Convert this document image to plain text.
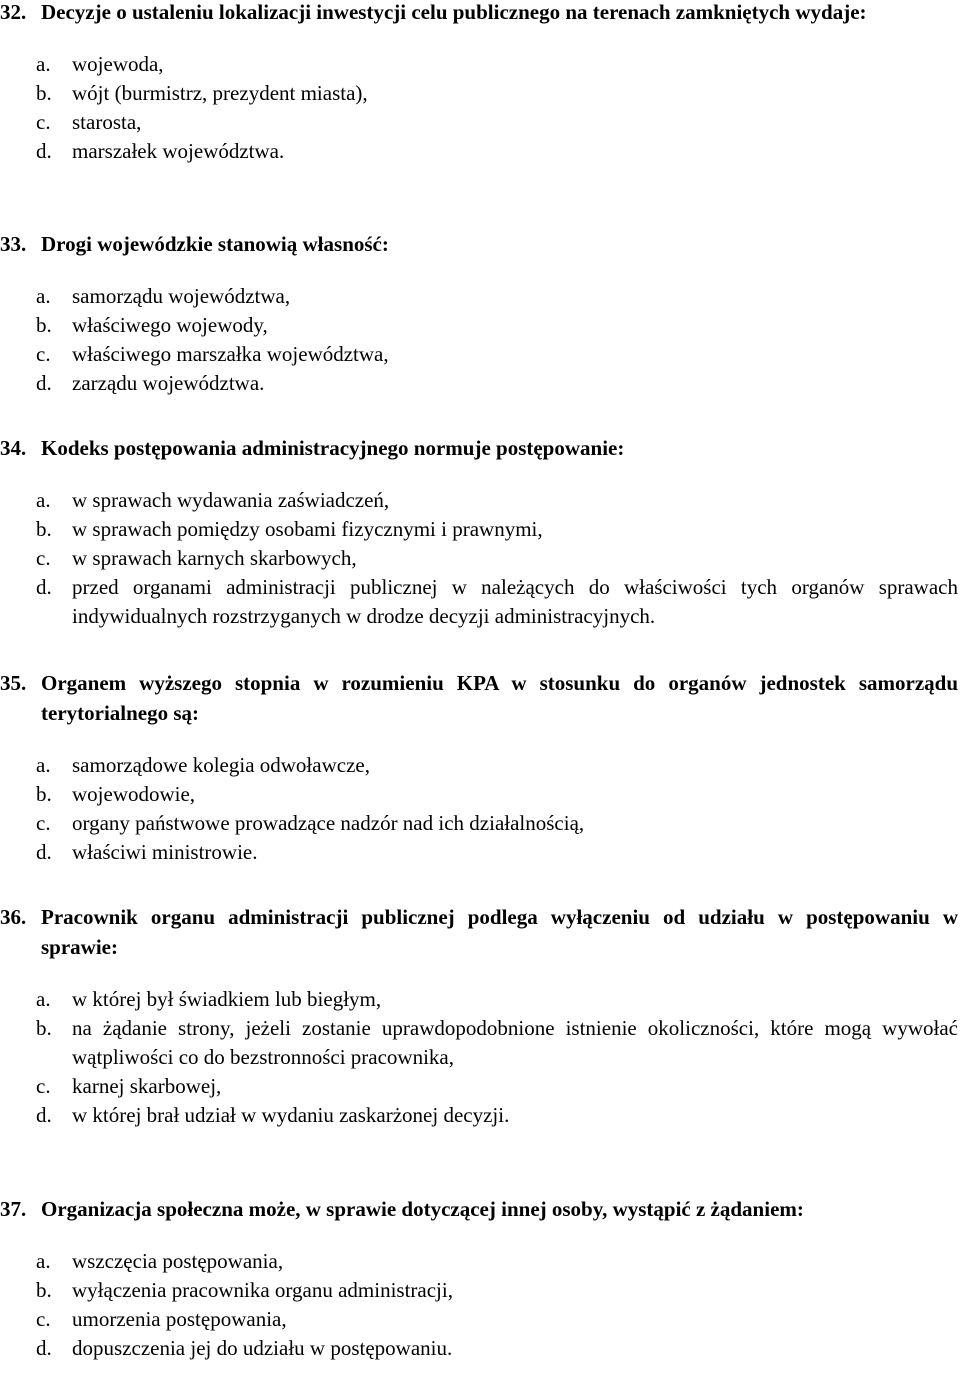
32. Decyzje o ustaleniu lokalizacji inwestycji celu publicznego na terenach zamkniętych wydaje:
a. wojewoda,
b. wójt (burmistrz, prezydent miasta),
c. starosta,
d. marszałek województwa.
33. Drogi wojewódzkie stanowią własność:
a. samorządu województwa,
b. właściwego wojewody,
c. właściwego marszałka województwa,
d. zarządu województwa.
34. Kodeks postępowania administracyjnego normuje postępowanie:
a. w sprawach wydawania zaświadczeń,
b. w sprawach pomiędzy osobami fizycznymi i prawnymi,
c. w sprawach karnych skarbowych,
d. przed organami administracji publicznej w należących do właściwości tych organów sprawach indywidualnych rozstrzyganych w drodze decyzji administracyjnych.
35. Organem wyższego stopnia w rozumieniu KPA w stosunku do organów jednostek samorządu terytorialnego są:
a. samorządowe kolegia odwoławcze,
b. wojewodowie,
c. organy państwowe prowadzące nadzór nad ich działalnością,
d. właściwi ministrowie.
36. Pracownik organu administracji publicznej podlega wyłączeniu od udziału w postępowaniu w sprawie:
a. w której był świadkiem lub biegłym,
b. na żądanie strony, jeżeli zostanie uprawdopodobnione istnienie okoliczności, które mogą wywołać wątpliwości co do bezstronności pracownika,
c. karnej skarbowej,
d. w której brał udział w wydaniu zaskarżonej decyzji.
37. Organizacja społeczna może, w sprawie dotyczącej innej osoby, wystąpić z żądaniem:
a. wszczęcia postępowania,
b. wyłączenia pracownika organu administracji,
c. umorzenia postępowania,
d. dopuszczenia jej do udziału w postępowaniu.
